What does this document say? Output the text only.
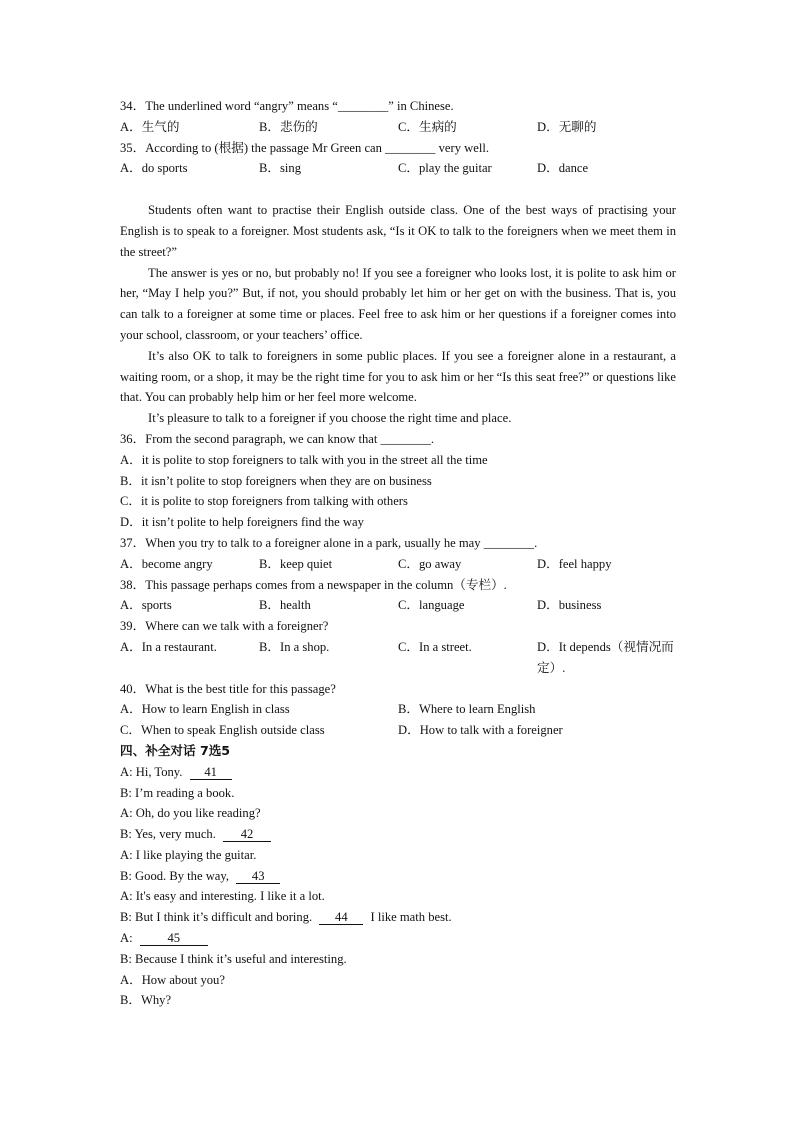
34．The underlined word “angry” means “________” in Chinese.
A．生气的	B．悲伤的	C．生病的	D．无聊的
35．According to (根据) the passage Mr Green can ________ very well.
A．do sports	B．sing	C．play the guitar	D．dance

Students often want to practise their English outside class. One of the best ways of practising your English is to speak to a foreigner. Most students ask, “Is it OK to talk to the foreigners when we meet them in the street?”

The answer is yes or no, but probably no! If you see a foreigner who looks lost, it is polite to ask him or her, “May I help you?” But, if not, you should probably let him or her get on with the business. That is, you can talk to a foreigner at some time or places. Feel free to ask him or her questions if a foreigner comes into your school, classroom, or your teachers’ office.

It’s also OK to talk to foreigners in some public places. If you see a foreigner alone in a restaurant, a waiting room, or a shop, it may be the right time for you to ask him or her “Is this seat free?” or questions like that. You can probably help him or her feel more welcome.

It’s pleasure to talk to a foreigner if you choose the right time and place.

36．From the second paragraph, we can know that ________.
A．it is polite to stop foreigners to talk with you in the street all the time
B．it isn’t polite to stop foreigners when they are on business
C．it is polite to stop foreigners from talking with others
D．it isn’t polite to help foreigners find the way
37．When you try to talk to a foreigner alone in a park, usually he may ________.
A．become angry	B．keep quiet	C．go away	D．feel happy
38．This passage perhaps comes from a newspaper in the column（专栏）.
A．sports	B．health	C．language	D．business
39．Where can we talk with a foreigner?
A．In a restaurant.	B．In a shop.	C．In a street.	D．It depends（视情况而定）.
40．What is the best title for this passage?
A．How to learn English in class	B．Where to learn English
C．When to speak English outside class	D．How to talk with a foreigner
四、补全对话 7选5
A: Hi, Tony. 41
B: I’m reading a book.
A: Oh, do you like reading?
B: Yes, very much. 42
A: I like playing the guitar.
B: Good. By the way, 43
A: It's easy and interesting. I like it a lot.
B: But I think it’s difficult and boring. 44 I like math best.
A:	45
B: Because I think it’s useful and interesting.
A．How about you?
B．Why?
